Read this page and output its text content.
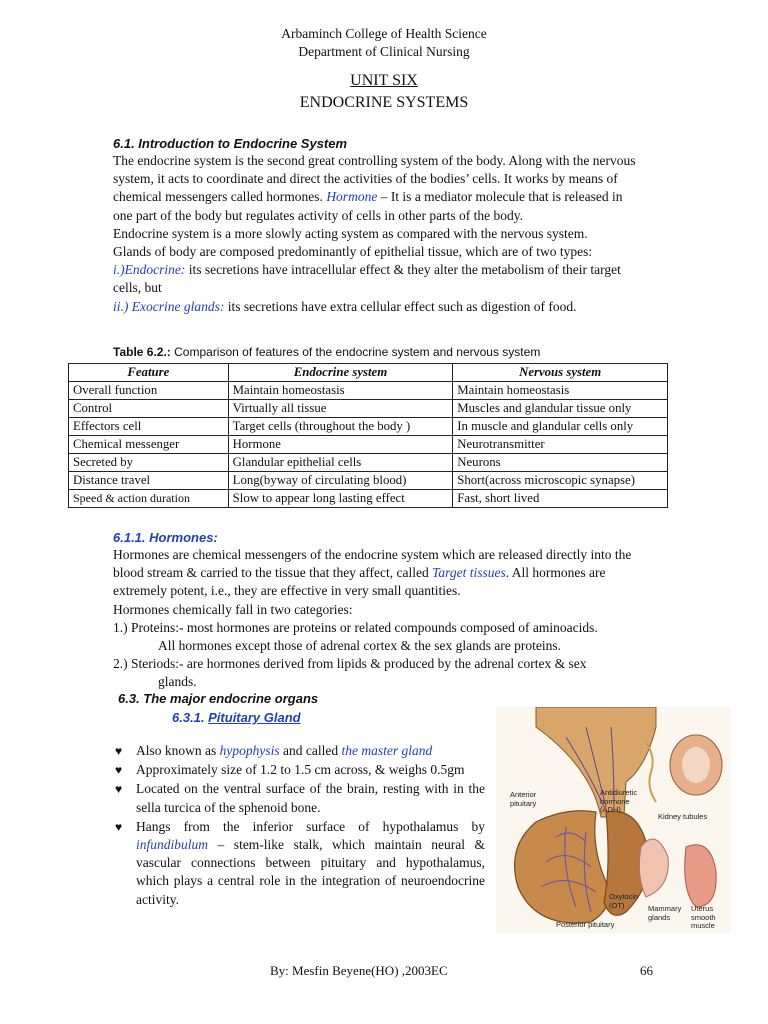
Arbaminch College of Health Science
Department of Clinical Nursing
UNIT SIX
ENDOCRINE SYSTEMS
6.1. Introduction to Endocrine System

The endocrine system is the second great controlling system of the body. Along with the nervous system, it acts to coordinate and direct the activities of the bodies’ cells. It works by means of chemical messengers called hormones. Hormone – It is a mediator molecule that is released in one part of the body but regulates activity of cells in other parts of the body.

Endocrine system is a more slowly acting system as compared with the nervous system.

Glands of body are composed predominantly of epithelial tissue, which are of two types:

i.)Endocrine: its secretions have intracellular effect & they alter the metabolism of their target cells, but

ii.) Exocrine glands: its secretions have extra cellular effect such as digestion of food.

Table 6.2.: Comparison of features of the endocrine system and nervous system
Feature	Endocrine system	Nervous system
Overall function	Maintain homeostasis	Maintain homeostasis
Control	Virtually all tissue	Muscles and glandular tissue only
Effectors cell	Target cells (throughout the body )	In muscle and glandular cells only
Chemical messenger	Hormone	Neurotransmitter
Secreted by	Glandular epithelial cells	Neurons
Distance travel	Long(byway of circulating blood)	Short(across microscopic synapse)
Speed & action duration	Slow to appear long lasting effect	Fast, short lived
6.1.1. Hormones:

Hormones are chemical messengers of the endocrine system which are released directly into the blood stream & carried to the tissue that they affect, called Target tissues. All hormones are extremely potent, i.e., they are effective in very small quantities.

Hormones chemically fall in two categories:

1.) Proteins:- most hormones are proteins or related compounds composed of aminoacids.

All hormones except those of adrenal cortex & the sex glands are proteins.

2.) Steriods:- are hormones derived from lipids & produced by the adrenal cortex & sex

glands.

6.3. The major endocrine organs
6.3.1. Pituitary Gland
♥ Also known as hypophysis and called the master gland
♥ Approximately size of 1.2 to 1.5 cm across, & weighs 0.5gm
♥ Located on the ventral surface of the brain, resting with in the sella turcica of the sphenoid bone.
♥ Hangs from the inferior surface of hypothalamus by infundibulum – stem-like stalk, which maintain neural & vascular connections between pituitary and hypothalamus, which plays a central role in the integration of neuroendocrine activity.
Anterior pituitary
Antidiuretic hormone (ADH)
Kidney tubules
Oxytocin (OT)
Posterior pituitary
Mammary glands
Uterus smooth muscle
By: Mesfin Beyene(HO) ,2003EC	66
